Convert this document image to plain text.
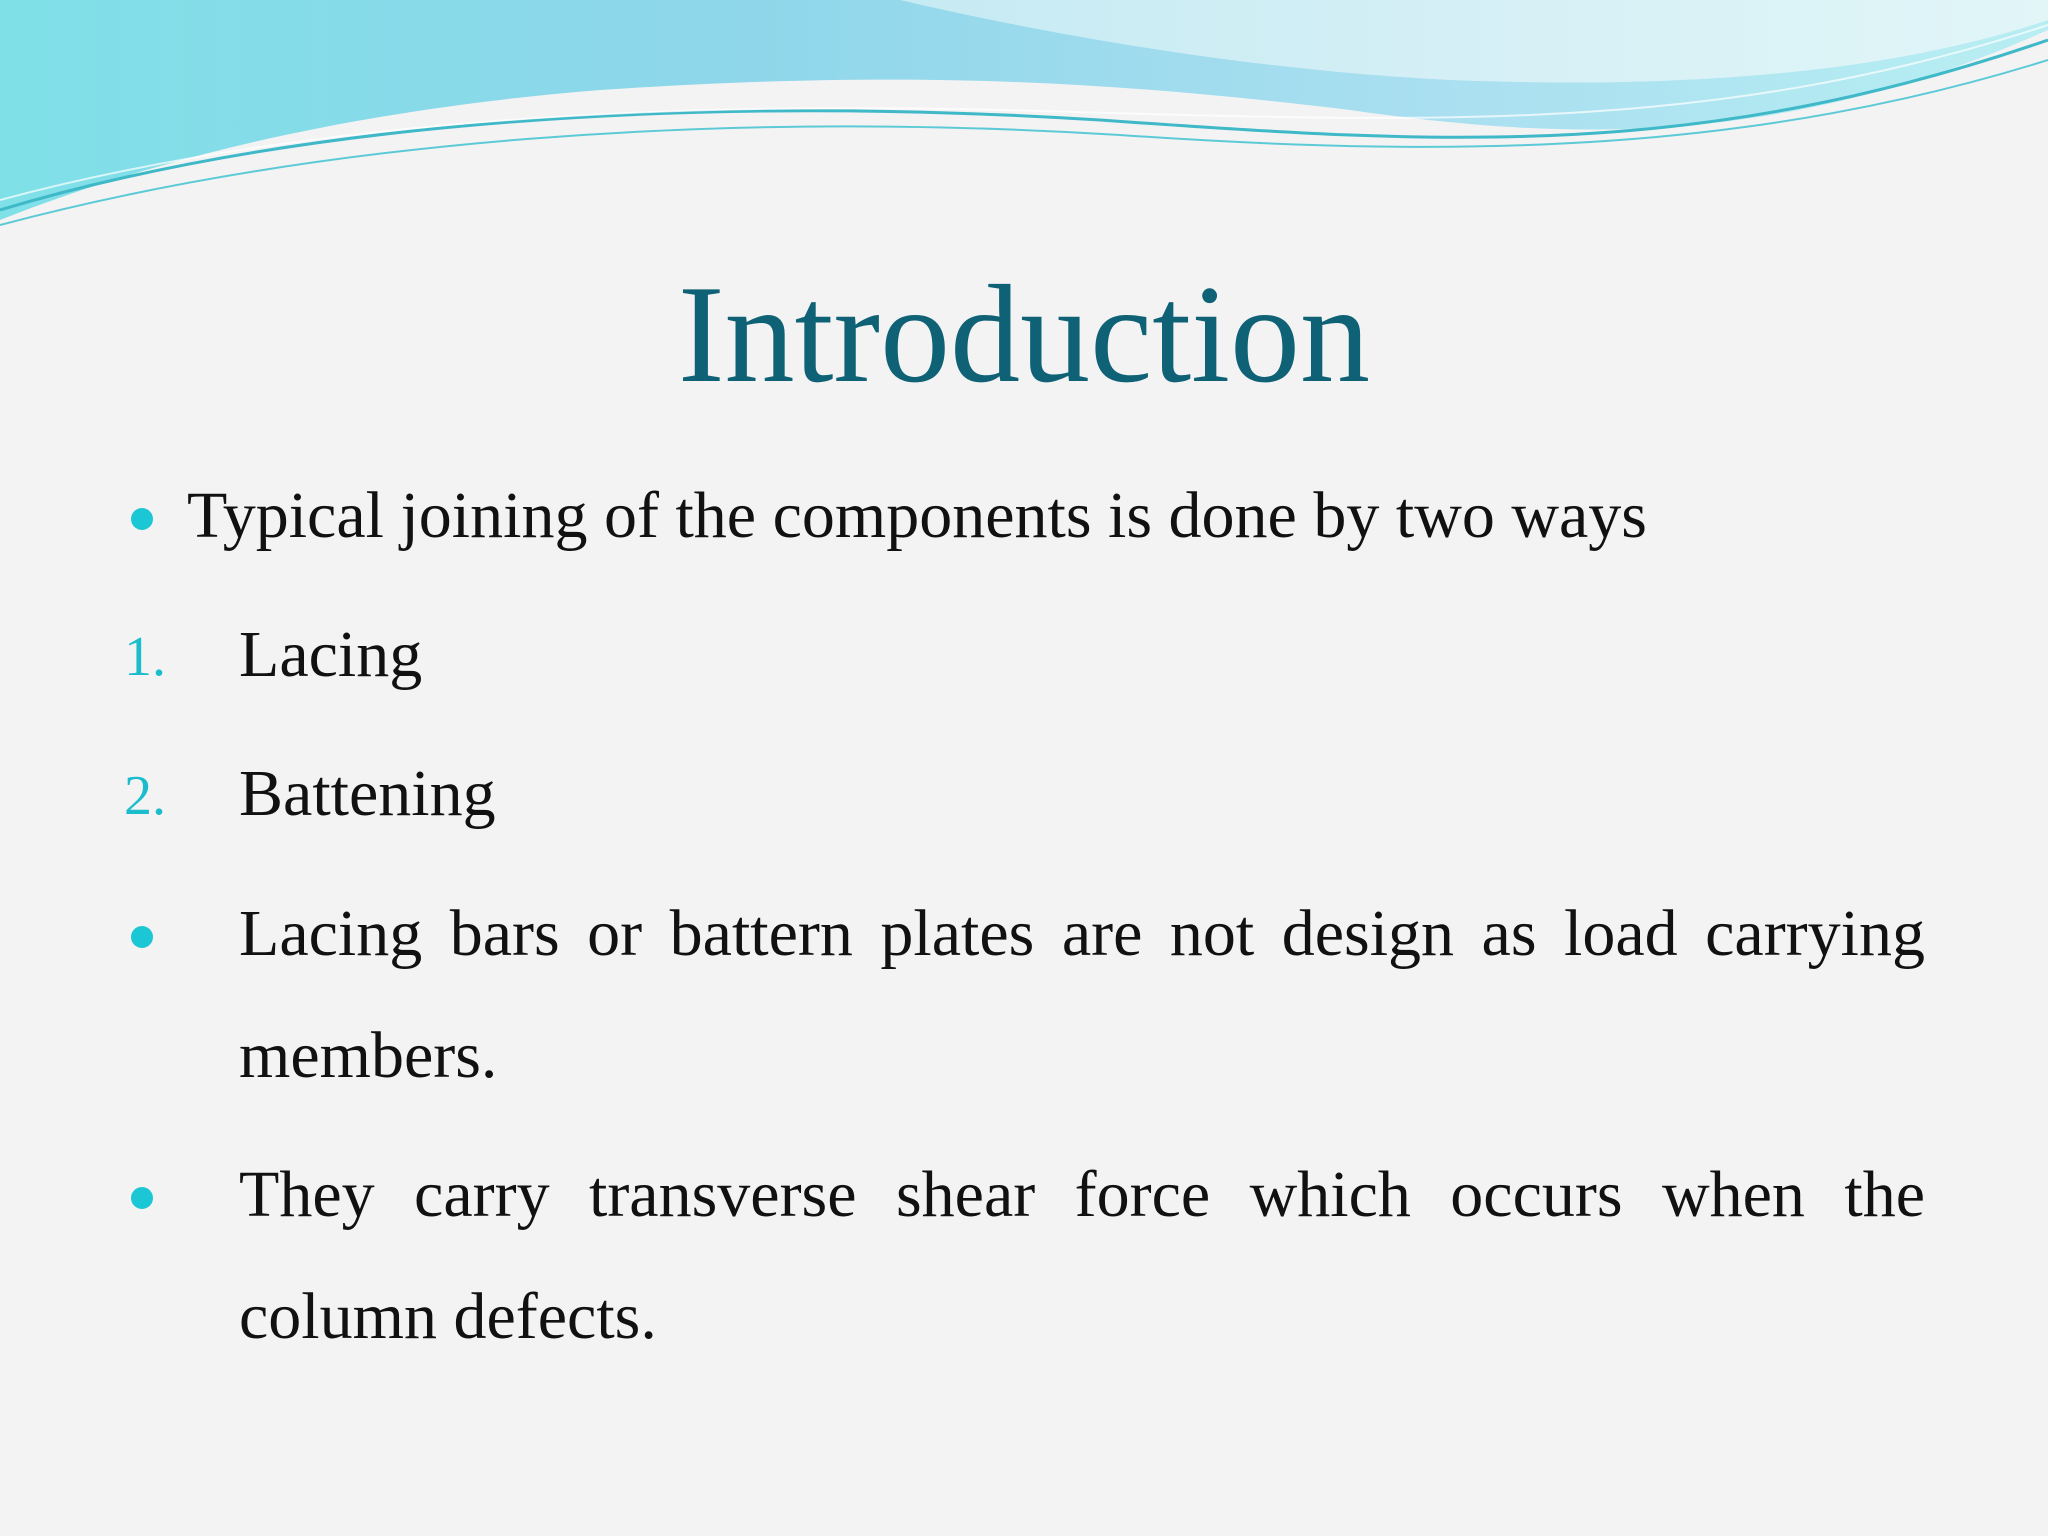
Introduction
Typical joining of the components is done by two ways
1. Lacing
2. Battening
Lacing bars or battern plates are not design as load carrying
members.
They carry transverse shear force which occurs when the
column defects.
